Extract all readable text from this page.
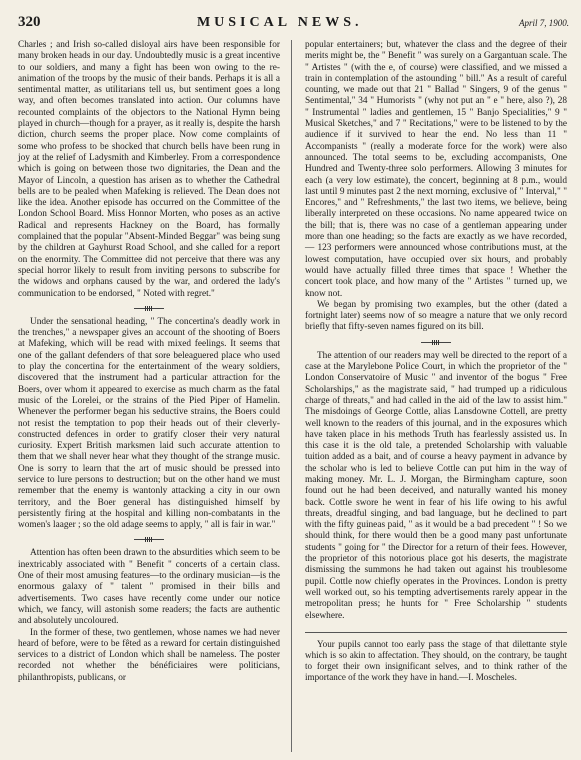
320	MUSICAL NEWS.	April 7, 1900.

Charles ; and Irish so-called disloyal airs have been responsible for many broken heads in our day. Undoubtedly music is a great incentive to our soldiers, and many a fight has been won owing to the re-animation of the troops by the music of their bands. Perhaps it is all a sentimental matter, as utilitarians tell us, but sentiment goes a long way, and often becomes translated into action. Our columns have recounted complaints of the objectors to the National Hymn being played in church—though for a prayer, as it really is, despite the harsh diction, church seems the proper place. Now come complaints of some who profess to be shocked that church bells have been rung in joy at the relief of Ladysmith and Kimberley. From a correspondence which is going on between those two dignitaries, the Dean and the Mayor of Lincoln, a question has arisen as to whether the Cathedral bells are to be pealed when Mafeking is relieved. The Dean does not like the idea. Another episode has occurred on the Committee of the London School Board. Miss Honnor Morten, who poses as an active Radical and represents Hackney on the Board, has formally complained that the popular "Absent-Minded Beggar" was being sung by the children at Gayhurst Road School, and she called for a report on the enormity. The Committee did not perceive that there was any special horror likely to result from inviting persons to subscribe for the widows and orphans caused by the war, and ordered the lady's communication to be endorsed, " Noted with regret."

Under the sensational heading, " The concertina's deadly work in the trenches," a newspaper gives an account of the shooting of Boers at Mafeking, which will be read with mixed feelings. It seems that one of the gallant defenders of that sore beleaguered place who used to play the concertina for the entertainment of the weary soldiers, discovered that the instrument had a particular attraction for the Boers, over whom it appeared to exercise as much charm as the fatal music of the Lorelei, or the strains of the Pied Piper of Hamelin. Whenever the performer began his seductive strains, the Boers could not resist the temptation to pop their heads out of their cleverly-constructed defences in order to gratify closer their very natural curiosity. Expert British marksmen laid such accurate attention to them that we shall never hear what they thought of the strange music. One is sorry to learn that the art of music should be pressed into service to lure persons to destruction; but on the other hand we must remember that the enemy is wantonly attacking a city in our own territory, and the Boer general has distinguished himself by persistently firing at the hospital and killing non-combatants in the women's laager ; so the old adage seems to apply, " all is fair in war."

Attention has often been drawn to the absurdities which seem to be inextricably associated with " Benefit " concerts of a certain class. One of their most amusing features—to the ordinary musician—is the enormous galaxy of " talent " promised in their bills and advertisements. Two cases have recently come under our notice which, we fancy, will astonish some readers; the facts are authentic and absolutely uncoloured.

In the former of these, two gentlemen, whose names we had never heard of before, were to be fêted as a reward for certain distinguished services to a district of London which shall be nameless. The poster recorded not whether the bénéficiaires were politicians, philanthropists, publicans, or

popular entertainers; but, whatever the class and the degree of their merits might be, the " Benefit " was surely on a Gargantuan scale. The " Artistes " (with the e, of course) were classified, and we missed a train in contemplation of the astounding " bill." As a result of careful counting, we made out that 21 " Ballad " Singers, 9 of the genus " Sentimental," 34 " Humorists " (why not put an " e " here, also ?), 28 " Instrumental " ladies and gentlemen, 15 " Banjo Specialities," 9 " Musical Sketches," and 7 " Recitations," were to be listened to by the audience if it survived to hear the end. No less than 11 " Accompanists " (really a moderate force for the work) were also announced. The total seems to be, excluding accompanists, One Hundred and Twenty-three solo performers. Allowing 3 minutes for each (a very low estimate), the concert, beginning at 8 p.m., would last until 9 minutes past 2 the next morning, exclusive of " Interval," " Encores," and " Refreshments," the last two items, we believe, being liberally interpreted on these occasions. No name appeared twice on the bill; that is, there was no case of a gentleman appearing under more than one heading; so the facts are exactly as we have recorded, — 123 performers were announced whose contributions must, at the lowest computation, have occupied over six hours, and probably would have actually filled three times that space ! Whether the concert took place, and how many of the " Artistes " turned up, we know not.

We began by promising two examples, but the other (dated a fortnight later) seems now of so meagre a nature that we only record briefly that fifty-seven names figured on its bill.

The attention of our readers may well be directed to the report of a case at the Marylebone Police Court, in which the proprietor of the " London Conservatoire of Music " and inventor of the bogus " Free Scholarships," as the magistrate said, " had trumped up a ridiculous charge of threats," and had called in the aid of the law to assist him." The misdoings of George Cottle, alias Lansdowne Cottell, are pretty well known to the readers of this journal, and in the exposures which have taken place in his methods Truth has fearlessly assisted us. In this case it is the old tale, a pretended Scholarship with valuable tuition added as a bait, and of course a heavy payment in advance by the scholar who is led to believe Cottle can put him in the way of making money. Mr. L. J. Morgan, the Birmingham capture, soon found out he had been deceived, and naturally wanted his money back. Cottle swore he went in fear of his life owing to his awful threats, dreadful singing, and bad language, but he declined to part with the fifty guineas paid, " as it would be a bad precedent " ! So we should think, for there would then be a good many past unfortunate students " going for " the Director for a return of their fees. However, the proprietor of this notorious place got his deserts, the magistrate dismissing the summons he had taken out against his troublesome pupil. Cottle now chiefly operates in the Provinces. London is pretty well worked out, so his tempting advertisements rarely appear in the metropolitan press; he hunts for " Free Scholarship " students elsewhere.

Your pupils cannot too early pass the stage of that dilettante style which is so akin to affectation. They should, on the contrary, be taught to forget their own insignificant selves, and to think rather of the importance of the work they have in hand.—I. Moscheles.
